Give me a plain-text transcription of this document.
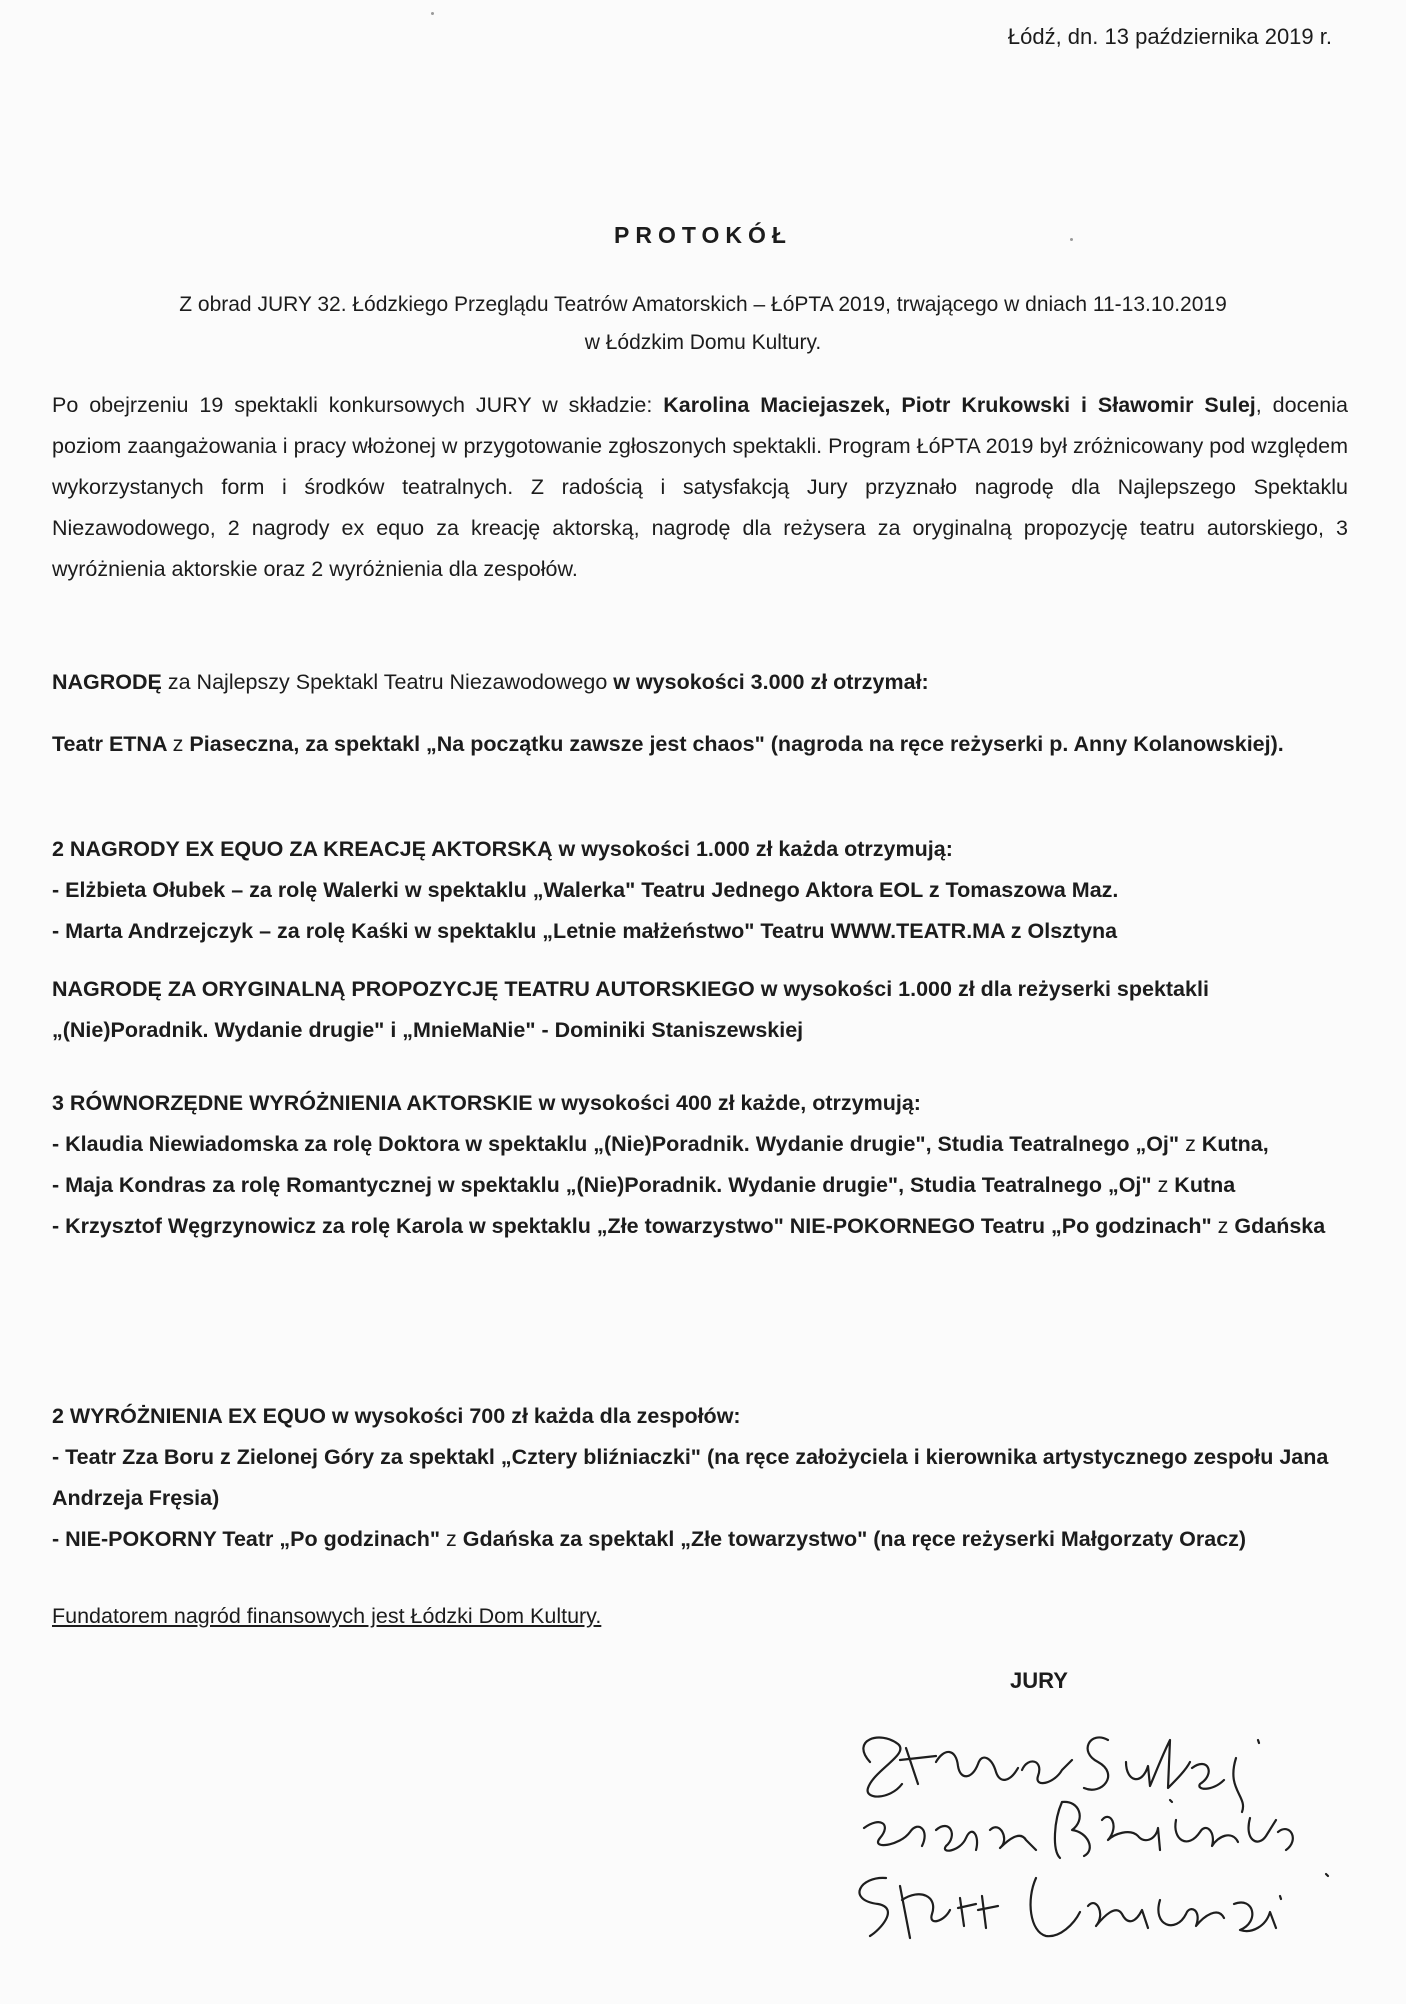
Łódź, dn. 13 października 2019 r.
PROTOKÓŁ
Z obrad JURY 32. Łódzkiego Przeglądu Teatrów Amatorskich – ŁóPTA 2019, trwającego w dniach 11-13.10.2019
w Łódzkim Domu Kultury.
Po obejrzeniu 19 spektakli konkursowych JURY w składzie: Karolina Maciejaszek, Piotr Krukowski i Sławomir Sulej, docenia poziom zaangażowania i pracy włożonej w przygotowanie zgłoszonych spektakli. Program ŁóPTA 2019 był zróżnicowany pod względem wykorzystanych form i środków teatralnych. Z radością i satysfakcją Jury przyznało nagrodę dla Najlepszego Spektaklu Niezawodowego, 2 nagrody ex equo za kreację aktorską, nagrodę dla reżysera za oryginalną propozycję teatru autorskiego, 3 wyróżnienia aktorskie oraz 2 wyróżnienia dla zespołów.
NAGRODĘ za Najlepszy Spektakl Teatru Niezawodowego w wysokości 3.000 zł otrzymał:
Teatr ETNA z Piaseczna, za spektakl „Na początku zawsze jest chaos" (nagroda na ręce reżyserki p. Anny Kolanowskiej).
2 NAGRODY EX EQUO ZA KREACJĘ AKTORSKĄ w wysokości 1.000 zł każda otrzymują:
- Elżbieta Ołubek – za rolę Walerki w spektaklu „Walerka" Teatru Jednego Aktora EOL z Tomaszowa Maz.
- Marta Andrzejczyk – za rolę Kaśki w spektaklu „Letnie małżeństwo" Teatru WWW.TEATR.MA z Olsztyna
NAGRODĘ ZA ORYGINALNĄ PROPOZYCJĘ TEATRU AUTORSKIEGO w wysokości 1.000 zł dla reżyserki spektakli „(Nie)Poradnik. Wydanie drugie" i „MnieMaNie" - Dominiki Staniszewskiej
3 RÓWNORZĘDNE WYRÓŻNIENIA AKTORSKIE w wysokości 400 zł każde, otrzymują:
- Klaudia Niewiadomska za rolę Doktora w spektaklu „(Nie)Poradnik. Wydanie drugie", Studia Teatralnego „Oj" z Kutna,
- Maja Kondras za rolę Romantycznej w spektaklu „(Nie)Poradnik. Wydanie drugie", Studia Teatralnego „Oj" z Kutna
- Krzysztof Węgrzynowicz za rolę Karola w spektaklu „Złe towarzystwo" NIE-POKORNEGO Teatru „Po godzinach" z Gdańska
2 WYRÓŻNIENIA EX EQUO w wysokości 700 zł każda dla zespołów:
- Teatr Zza Boru z Zielonej Góry za spektakl „Cztery bliźniaczki" (na ręce założyciela i kierownika artystycznego zespołu Jana Andrzeja Fręsia)
- NIE-POKORNY Teatr „Po godzinach" z Gdańska za spektakl „Złe towarzystwo" (na ręce reżyserki Małgorzaty Oracz)
Fundatorem nagród finansowych jest Łódzki Dom Kultury.
JURY
